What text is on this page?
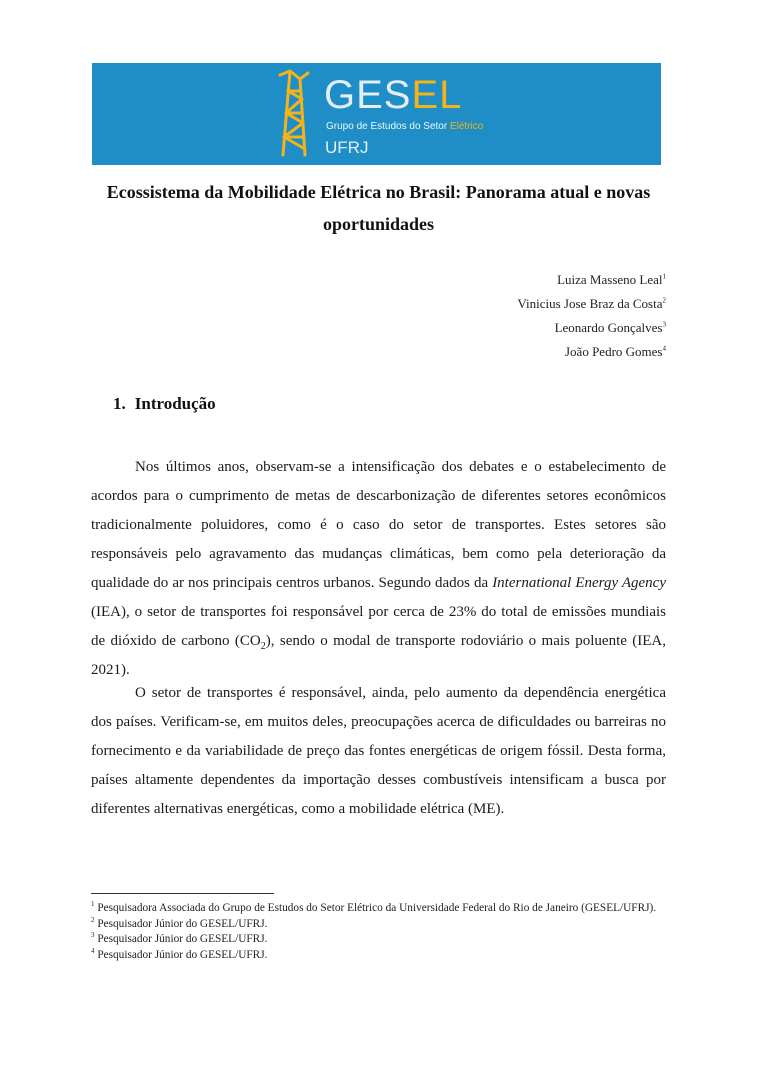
GESEL

Grupo de Estudos do Setor Elétrico

UFRJ

Ecossistema da Mobilidade Elétrica no Brasil: Panorama atual e novas oportunidades
Luiza Masseno Leal$^1$
Vinicius Jose Braz da Costa$^2$
Leonardo Gonçalves$^3$
João Pedro Gomes$^4$
1. Introdução

Nos últimos anos, observam-se a intensificação dos debates e o estabelecimento de acordos para o cumprimento de metas de descarbonização de diferentes setores econômicos tradicionalmente poluidores, como é o caso do setor de transportes. Estes setores são responsáveis pelo agravamento das mudanças climáticas, bem como pela deterioração da qualidade do ar nos principais centros urbanos. Segundo dados da International Energy Agency (IEA), o setor de transportes foi responsável por cerca de 23% do total de emissões mundiais de dióxido de carbono $(CO_2)$, sendo o modal de transporte rodoviário o mais poluente (IEA, 2021).

O setor de transportes é responsável, ainda, pelo aumento da dependência energética dos países. Verificam-se, em muitos deles, preocupações acerca de dificuldades ou barreiras no fornecimento e da variabilidade de preço das fontes energéticas de origem fóssil. Desta forma, países altamente dependentes da importação desses combustíveis intensificam a busca por diferentes alternativas energéticas, como a mobilidade elétrica (ME).

$^1$ Pesquisadora Associada do Grupo de Estudos do Setor Elétrico da Universidade Federal do Rio de Janeiro (GESEL/UFRJ).
$^2$ Pesquisador Júnior do GESEL/UFRJ.
$^3$ Pesquisador Júnior do GESEL/UFRJ.
$^4$ Pesquisador Júnior do GESEL/UFRJ.
